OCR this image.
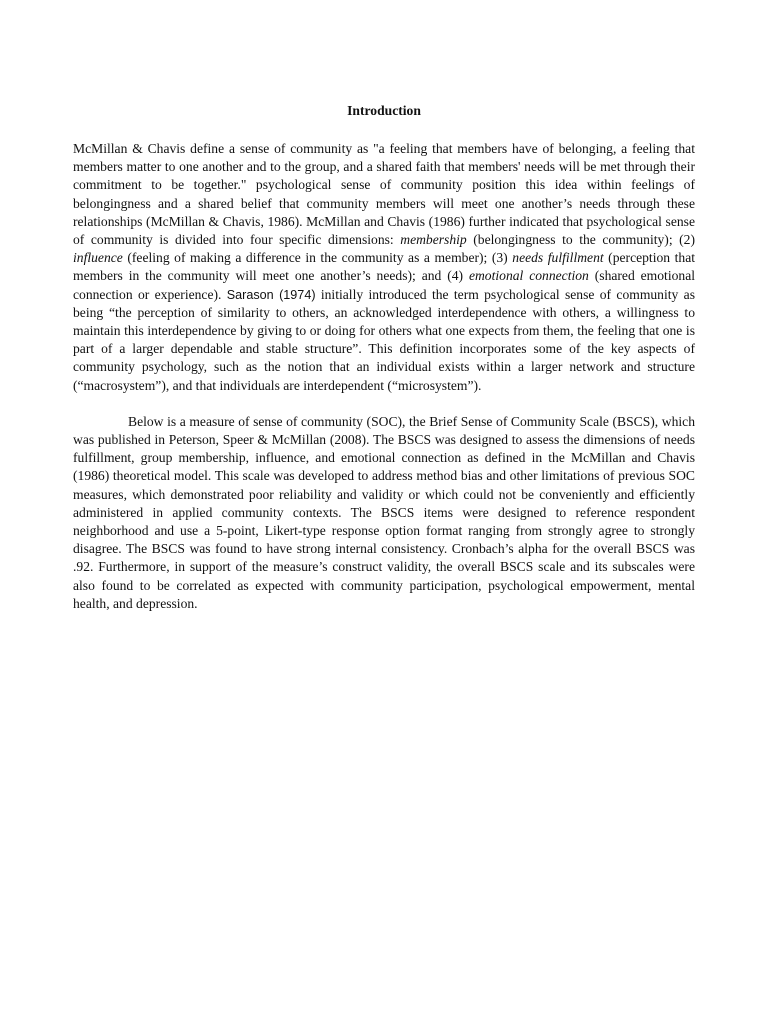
Introduction

McMillan & Chavis define a sense of community as "a feeling that members have of belonging, a feeling that members matter to one another and to the group, and a shared faith that members' needs will be met through their commitment to be together." psychological sense of community position this idea within feelings of belongingness and a shared belief that community members will meet one another’s needs through these relationships (McMillan & Chavis, 1986). McMillan and Chavis (1986) further indicated that psychological sense of community is divided into four specific dimensions: membership (belongingness to the community); (2) influence (feeling of making a difference in the community as a member); (3) needs fulfillment (perception that members in the community will meet one another’s needs); and (4) emotional connection (shared emotional connection or experience). Sarason (1974) initially introduced the term psychological sense of community as being “the perception of similarity to others, an acknowledged interdependence with others, a willingness to maintain this interdependence by giving to or doing for others what one expects from them, the feeling that one is part of a larger dependable and stable structure”. This definition incorporates some of the key aspects of community psychology, such as the notion that an individual exists within a larger network and structure (“macrosystem”), and that individuals are interdependent (“microsystem”).

Below is a measure of sense of community (SOC), the Brief Sense of Community Scale (BSCS), which was published in Peterson, Speer & McMillan (2008). The BSCS was designed to assess the dimensions of needs fulfillment, group membership, influence, and emotional connection as defined in the McMillan and Chavis (1986) theoretical model. This scale was developed to address method bias and other limitations of previous SOC measures, which demonstrated poor reliability and validity or which could not be conveniently and efficiently administered in applied community contexts. The BSCS items were designed to reference respondent neighborhood and use a 5-point, Likert-type response option format ranging from strongly agree to strongly disagree. The BSCS was found to have strong internal consistency. Cronbach’s alpha for the overall BSCS was .92. Furthermore, in support of the measure’s construct validity, the overall BSCS scale and its subscales were also found to be correlated as expected with community participation, psychological empowerment, mental health, and depression.
